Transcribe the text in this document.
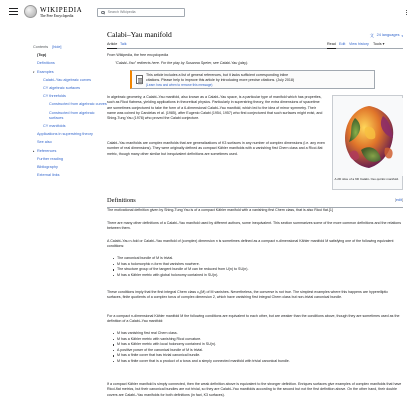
WIKIPEDIA
The Free Encyclopedia
Search Wikipedia
Contents [hide]
(Top)
Definitions
▾ Examples
Calabi–Yau algebraic curves
CY algebraic surfaces
CY threefolds
Constructed from algebraic curves
Constructed from algebraic surfaces
CY manifolds
Applications in superstring theory
See also
▸ References
Further reading
Bibliography
External links
Calabi–Yau manifold	文 24 languages ▾
Article Talk	Read Edit View history Tools ▾
From Wikipedia, the free encyclopedia
"Calabi–Yau" redirects here. For the play by Susanna Speier, see Calabi-Yau (play).
This article includes a list of general references, but it lacks sufficient corresponding inline
citations. Please help to improve this article by introducing more precise citations. (July 2018)
(Learn how and when to remove this message)
In algebraic geometry, a Calabi–Yau manifold, also known as a Calabi–Yau space, is a particular type of manifold which has properties, such as Ricci flatness, yielding applications in theoretical physics. Particularly in superstring theory, the extra dimensions of spacetime are sometimes conjectured to take the form of a 6-dimensional Calabi–Yau manifold, which led to the idea of mirror symmetry. Their name was coined by Candelas et al. (1985), after Eugenio Calabi (1954, 1957) who first conjectured that such surfaces might exist, and Shing-Tung Yau (1978) who proved the Calabi conjecture.
Calabi–Yau manifolds are complex manifolds that are generalizations of K3 surfaces in any number of complex dimensions (i.e. any even number of real dimensions). They were originally defined as compact Kähler manifolds with a vanishing first Chern class and a Ricci-flat metric, though many other similar but inequivalent definitions are sometimes used.
A 2D slice of a 6D Calabi–Yau quintic manifold.
Definitions	[edit]
The motivational definition given by Shing-Tung Yau is of a compact Kähler manifold with a vanishing first Chern class, that is also Ricci flat.[1]
There are many other definitions of a Calabi–Yau manifold used by different authors, some inequivalent. This section summarizes some of the more common definitions and the relations between them.
A Calabi–Yau n-fold or Calabi–Yau manifold of (complex) dimension n is sometimes defined as a compact n-dimensional Kähler manifold M satisfying one of the following equivalent conditions:
The canonical bundle of M is trivial.
M has a holomorphic n-form that vanishes nowhere.
The structure group of the tangent bundle of M can be reduced from U(n) to SU(n).
M has a Kähler metric with global holonomy contained in SU(n).
These conditions imply that the first integral Chern class c₁(M) of M vanishes. Nevertheless, the converse is not true. The simplest examples where this happens are hyperelliptic surfaces, finite quotients of a complex torus of complex dimension 2, which have vanishing first integral Chern class but non-trivial canonical bundle.
For a compact n-dimensional Kähler manifold M the following conditions are equivalent to each other, but are weaker than the conditions above, though they are sometimes used as the definition of a Calabi–Yau manifold:
M has vanishing first real Chern class.
M has a Kähler metric with vanishing Ricci curvature.
M has a Kähler metric with local holonomy contained in SU(n).
A positive power of the canonical bundle of M is trivial.
M has a finite cover that has trivial canonical bundle.
M has a finite cover that is a product of a torus and a simply connected manifold with trivial canonical bundle.
If a compact Kähler manifold is simply connected, then the weak definition above is equivalent to the stronger definition. Enriques surfaces give examples of complex manifolds that have Ricci-flat metrics, but their canonical bundles are not trivial, so they are Calabi–Yau manifolds according to the second but not the first definition above. On the other hand, their double covers are Calabi–Yau manifolds for both definitions (in fact, K3 surfaces).
